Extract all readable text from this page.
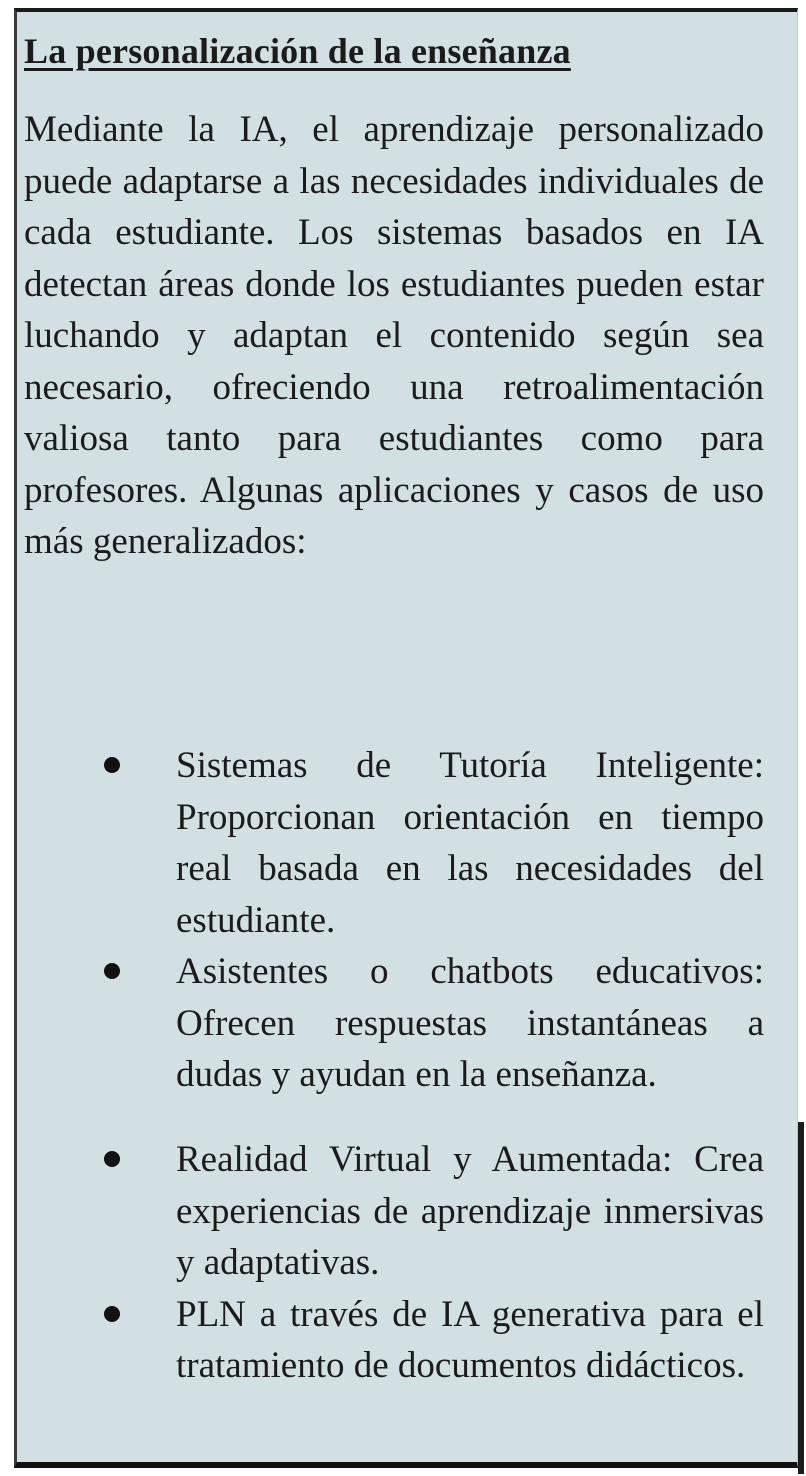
La personalización de la enseñanza

Mediante la IA, el aprendizaje personalizado puede adaptarse a las necesidades individuales de cada estudiante. Los sistemas basados en IA detectan áreas donde los estudiantes pueden estar luchando y adaptan el contenido según sea necesario, ofreciendo una retroalimentación valiosa tanto para estudiantes como para profesores. Algunas aplicaciones y casos de uso más generalizados:

Sistemas de Tutoría Inteligente: Proporcionan orientación en tiempo real basada en las necesidades del estudiante.
Asistentes o chatbots educativos: Ofrecen respuestas instantáneas a dudas y ayudan en la enseñanza.
Realidad Virtual y Aumentada: Crea experiencias de aprendizaje inmersivas y adaptativas.
PLN a través de IA generativa para el tratamiento de documentos didácticos.
